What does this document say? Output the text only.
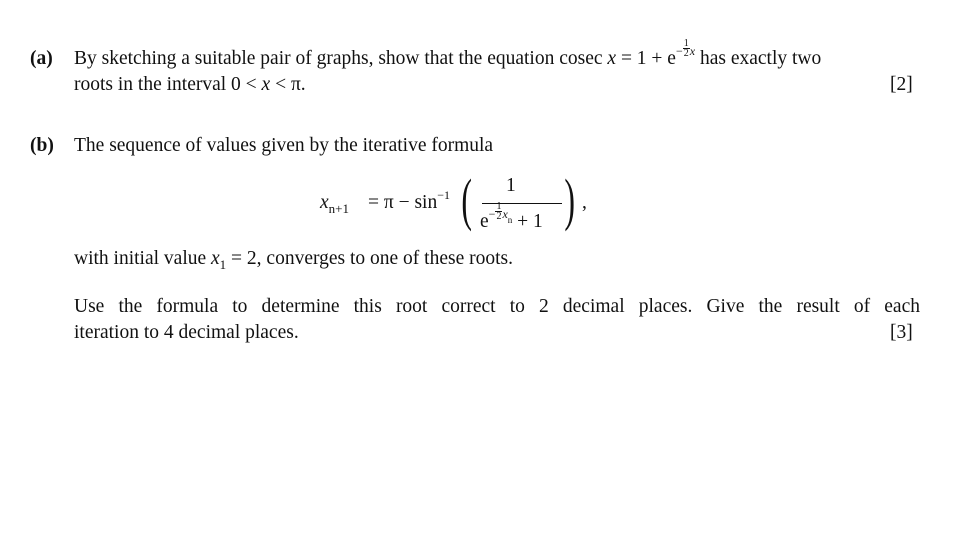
(a) By sketching a suitable pair of graphs, show that the equation cosec $x = 1 + e^- \frac{1}{2} ^x$ has exactly two
roots in the interval 0 < x < π.	[2]
(b) The sequence of values given by the iterative formula
$x_{n+1} = \pi - \sin^{-1}$ ( 1
$e^- \frac{1}{2} ^{xn} + 1$ ) ,
with initial value $x_1 = 2$, converges to one of these roots.
Use the formula to determine this root correct to 2 decimal places. Give the result of each
iteration to 4 decimal places.	[3]
